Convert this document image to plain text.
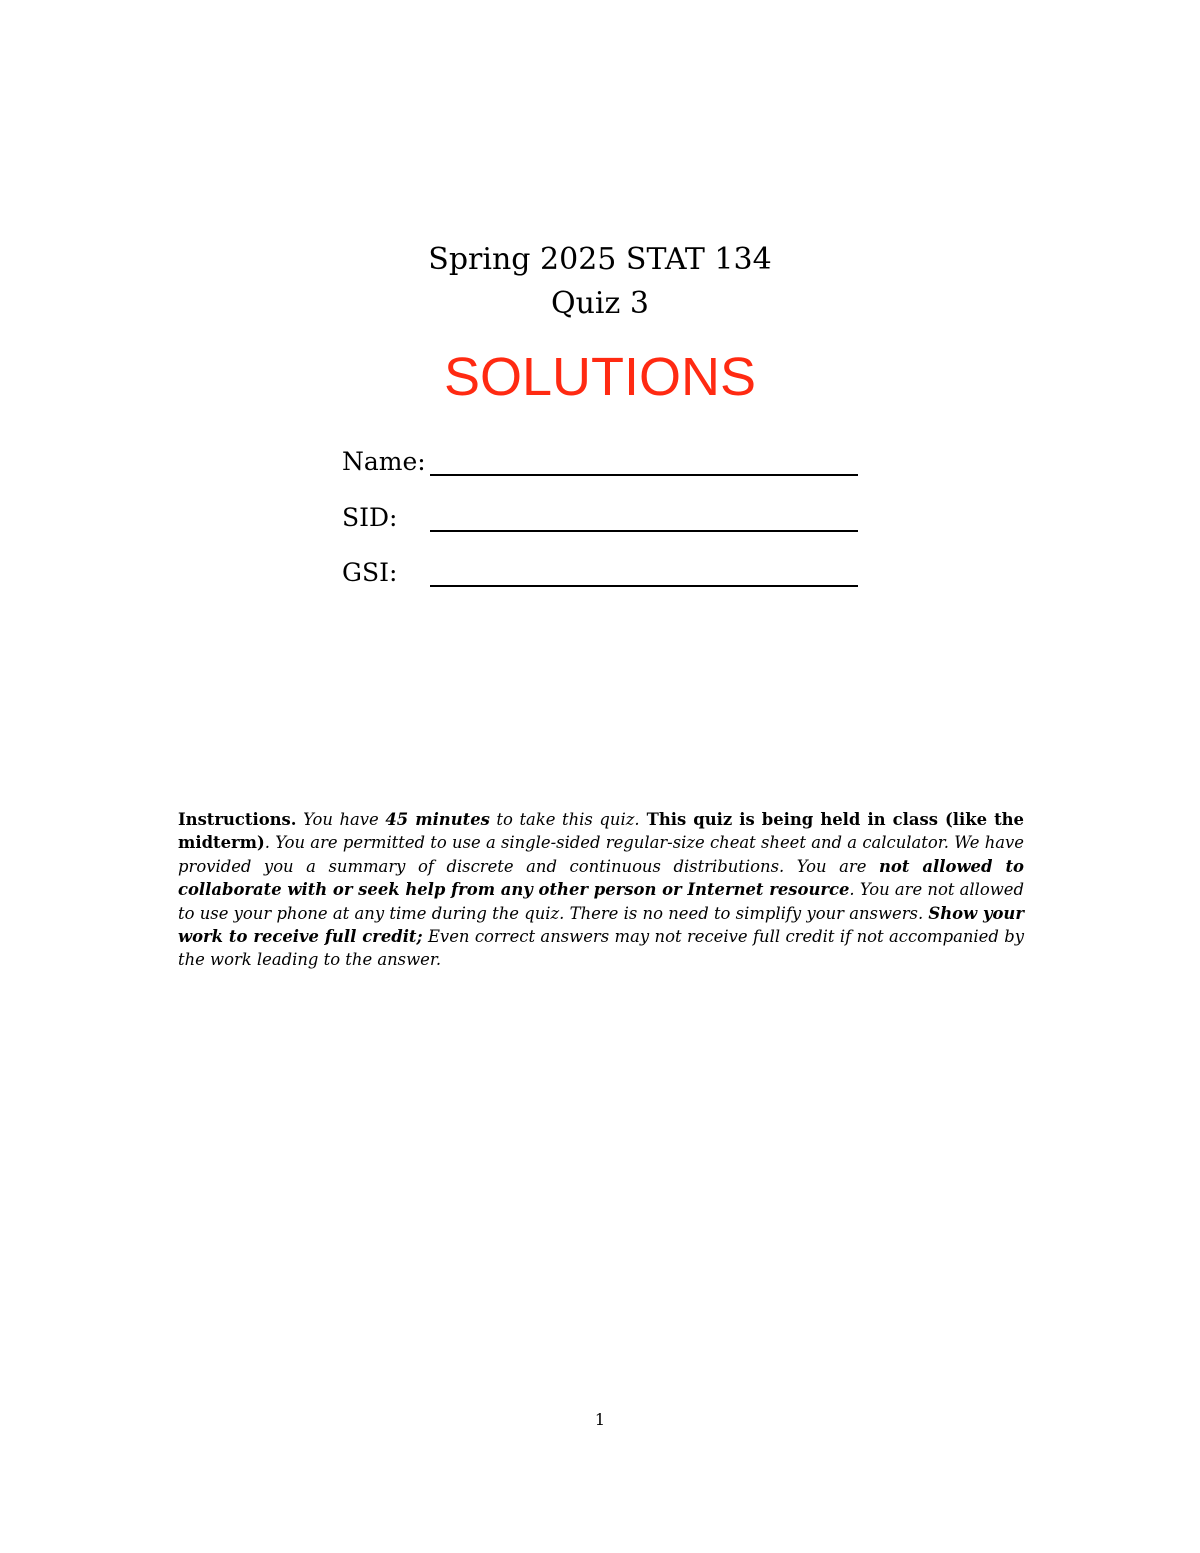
Spring 2025 STAT 134
Quiz 3
SOLUTIONS
Name:
SID:
GSI:

Instructions. You have 45 minutes to take this quiz. This quiz is being held in class (like the midterm). You are permitted to use a single-sided regular-size cheat sheet and a calculator. We have provided you a summary of discrete and continuous distributions. You are not allowed to collaborate with or seek help from any other person or Internet resource. You are not allowed to use your phone at any time during the quiz. There is no need to simplify your answers. Show your work to receive full credit; Even correct answers may not receive full credit if not accompanied by the work leading to the answer.

1
